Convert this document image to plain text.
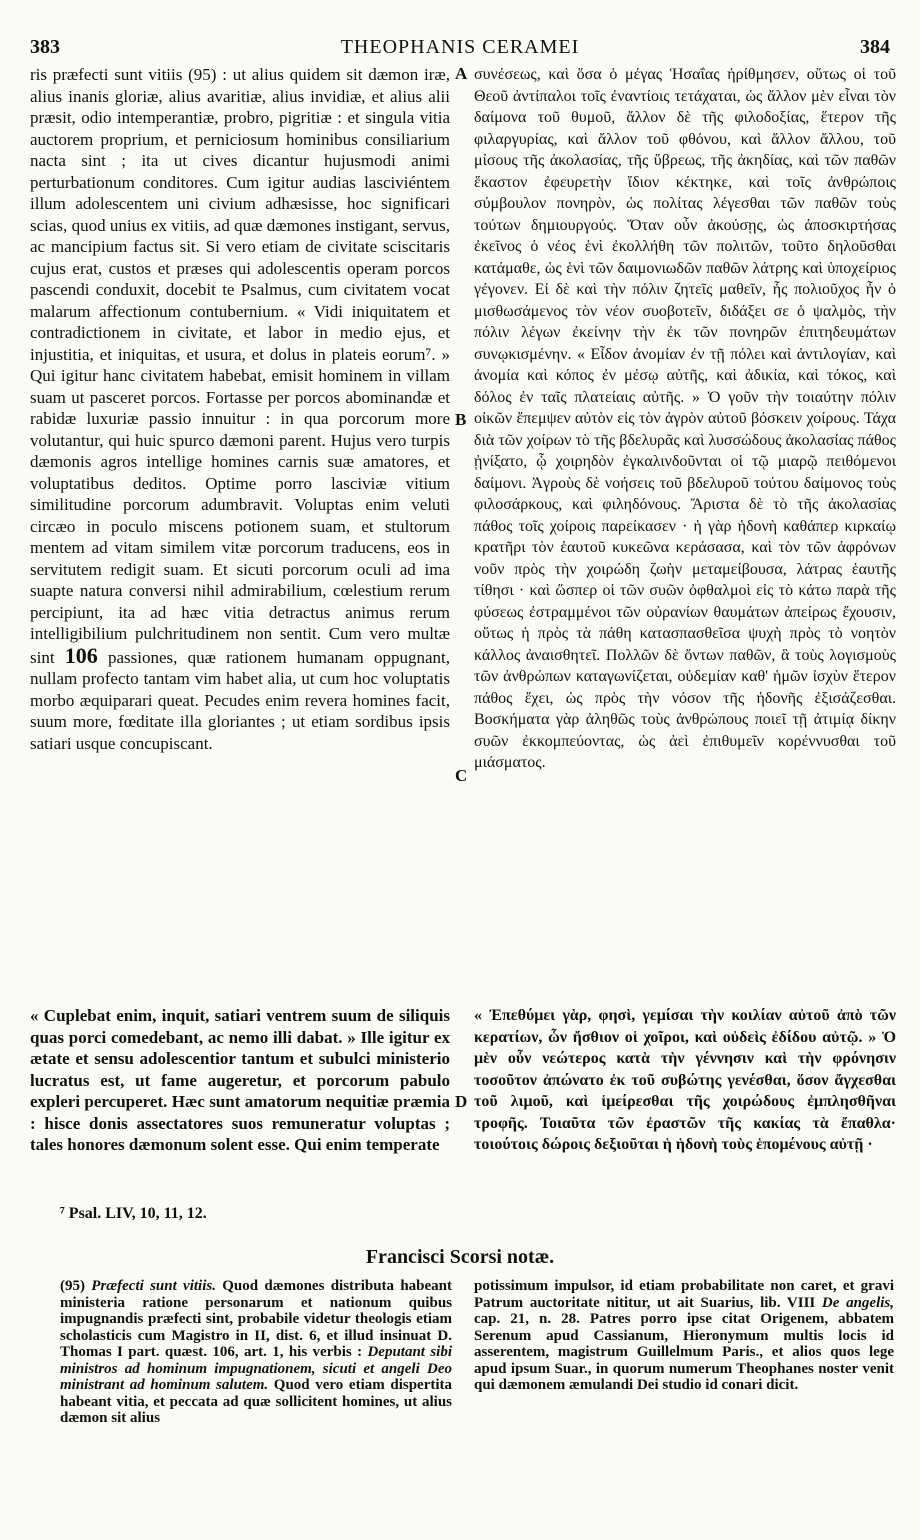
383	THEOPHANIS CERAMEI	384
A
B
C
D

ris præfecti sunt vitiis (95) : ut alius quidem sit dæmon iræ, alius inanis gloriæ, alius avaritiæ, alius invidiæ, et alius alii præsit, odio intemperantiæ, probro, pigritiæ : et singula vitia auctorem proprium, et perniciosum hominibus consiliarium nacta sint ; ita ut cives dicantur hujusmodi animi perturbationum conditores. Cum igitur audias lasciviéntem illum adolescentem uni civium adhæsisse, hoc significari scias, quod unius ex vitiis, ad quæ dæmones instigant, servus, ac mancipium factus sit. Si vero etiam de civitate sciscitaris cujus erat, custos et præses qui adolescentis operam porcos pascendi conduxit, docebit te Psalmus, cum civitatem vocat malarum affectionum contubernium. « Vidi iniquitatem et contradictionem in civitate, et labor in medio ejus, et injustitia, et iniquitas, et usura, et dolus in plateis eorum⁷. » Qui igitur hanc civitatem habebat, emisit hominem in villam suam ut pasceret porcos. Fortasse per porcos abominandæ et rabidæ luxuriæ passio innuitur : in qua porcorum more volutantur, qui huic spurco dæmoni parent. Hujus vero turpis dæmonis agros intellige homines carnis suæ amatores, et voluptatibus deditos. Optime porro lasciviæ vitium similitudine porcorum adumbravit. Voluptas enim veluti circæo in poculo miscens potionem suam, et stultorum mentem ad vitam similem vitæ porcorum traducens, eos in servitutem redigit suam. Et sicuti porcorum oculi ad ima suapte natura conversi nihil admirabilium, cœlestium rerum percipiunt, ita ad hæc vitia detractus animus rerum intelligibilium pulchritudinem non sentit. Cum vero multæ sint 106 passiones, quæ rationem humanam oppugnant, nullam profecto tantam vim habet alia, ut cum hoc voluptatis morbo æquiparari queat. Pecudes enim revera homines facit, suum more, fœditate illa gloriantes ; ut etiam sordibus ipsis satiari usque concupiscant.

συνέσεως, καὶ ὅσα ὁ μέγας Ἡσαΐας ἠρίθμησεν, οὕτως οἱ τοῦ Θεοῦ ἀντίπαλοι τοῖς ἐναντίοις τετάχαται, ὡς ἄλλον μὲν εἶναι τὸν δαίμονα τοῦ θυμοῦ, ἄλλον δὲ τῆς φιλοδοξίας, ἕτερον τῆς φιλαργυρίας, καὶ ἄλλον τοῦ φθόνου, καὶ ἄλλον ἄλλου, τοῦ μίσους τῆς ἀκολασίας, τῆς ὕβρεως, τῆς ἀκηδίας, καὶ τῶν παθῶν ἕκαστον ἐφευρετὴν ἴδιον κέκτηκε, καὶ τοῖς ἀνθρώποις σύμβουλον πονηρὸν, ὡς πολίτας λέγεσθαι τῶν παθῶν τοὺς τούτων δημιουργούς. Ὅταν οὖν ἀκούσῃς, ὡς ἀποσκιρτήσας ἐκεῖνος ὁ νέος ἑνὶ ἐκολλήθη τῶν πολιτῶν, τοῦτο δηλοῦσθαι κατάμαθε, ὡς ἑνὶ τῶν δαιμονιωδῶν παθῶν λάτρης καὶ ὑποχείριος γέγονεν. Εἰ δὲ καὶ τὴν πόλιν ζητεῖς μαθεῖν, ἧς πολιοῦχος ἦν ὁ μισθωσάμενος τὸν νέον συοβοτεῖν, διδάξει σε ὁ ψαλμὸς, τὴν πόλιν λέγων ἐκείνην τὴν ἐκ τῶν πονηρῶν ἐπιτηδευμάτων συνῳκισμένην. « Εἶδον ἀνομίαν ἐν τῇ πόλει καὶ ἀντιλογίαν, καὶ ἀνομία καὶ κόπος ἐν μέσῳ αὐτῆς, καὶ ἀδικία, καὶ τόκος, καὶ δόλος ἐν ταῖς πλατείαις αὐτῆς. » Ὁ γοῦν τὴν τοιαύτην πόλιν οἰκῶν ἔπεμψεν αὐτὸν εἰς τὸν ἀγρὸν αὐτοῦ βόσκειν χοίρους. Τάχα διὰ τῶν χοίρων τὸ τῆς βδελυρᾶς καὶ λυσσώδους ἀκολασίας πάθος ᾐνίξατο, ᾧ χοιρηδὸν ἐγκαλινδοῦνται οἱ τῷ μιαρῷ πειθόμενοι δαίμονι. Ἀγροὺς δὲ νοήσεις τοῦ βδελυροῦ τούτου δαίμονος τοὺς φιλοσάρκους, καὶ φιληδόνους. Ἄριστα δὲ τὸ τῆς ἀκολασίας πάθος τοῖς χοίροις παρείκασεν · ἡ γὰρ ἡδονὴ καθάπερ κιρκαίῳ κρατῆρι τὸν ἑαυτοῦ κυκεῶνα κεράσασα, καὶ τὸν τῶν ἀφρόνων νοῦν πρὸς τὴν χοιρώδη ζωὴν μεταμείβουσα, λάτρας ἑαυτῆς τίθησι · καὶ ὥσπερ οἱ τῶν συῶν ὀφθαλμοὶ εἰς τὸ κάτω παρὰ τῆς φύσεως ἐστραμμένοι τῶν οὐρανίων θαυμάτων ἀπείρως ἔχουσιν, οὕτως ἡ πρὸς τὰ πάθη κατασπασθεῖσα ψυχὴ πρὸς τὸ νοητὸν κάλλος ἀναισθητεῖ. Πολλῶν δὲ ὄντων παθῶν, ἃ τοὺς λογισμοὺς τῶν ἀνθρώπων καταγωνίζεται, οὐδεμίαν καθ' ἡμῶν ἰσχὺν ἕτερον πάθος ἔχει, ὡς πρὸς τὴν νόσον τῆς ἡδονῆς ἐξισάζεσθαι. Βοσκήματα γὰρ ἀληθῶς τοὺς ἀνθρώπους ποιεῖ τῇ ἀτιμίᾳ δίκην συῶν ἐκκομπεύοντας, ὡς ἀεὶ ἐπιθυμεῖν κορέννυσθαι τοῦ μιάσματος.

« Cuplebat enim, inquit, satiari ventrem suum de siliquis quas porci comedebant, ac nemo illi dabat. » Ille igitur ex ætate et sensu adolescentior tantum et subulci ministerio lucratus est, ut fame augeretur, et porcorum pabulo expleri percuperet. Hæc sunt amatorum nequitiæ præmia : hisce donis assectatores suos remuneratur voluptas ; tales honores dæmonum solent esse. Qui enim temperate
« Ἐπεθύμει γὰρ, φησὶ, γεμίσαι τὴν κοιλίαν αὐτοῦ ἀπὸ τῶν κερατίων, ὧν ἤσθιον οἱ χοῖροι, καὶ οὐδεὶς ἐδίδου αὐτῷ. » Ὁ μὲν οὖν νεώτερος κατὰ τὴν γέννησιν καὶ τὴν φρόνησιν τοσοῦτον ἀπώνατο ἐκ τοῦ συβώτης γενέσθαι, ὅσον ἄγχεσθαι τοῦ λιμοῦ, καὶ ἱμείρεσθαι τῆς χοιρώδους ἐμπλησθῆναι τροφῆς. Τοιαῦτα τῶν ἐραστῶν τῆς κακίας τὰ ἔπαθλα· τοιούτοις δώροις δεξιοῦται ἡ ἡδονὴ τοὺς ἑπομένους αὐτῇ ·
⁷ Psal. LIV, 10, 11, 12.
Francisci Scorsi notæ.
(95) Præfecti sunt vitiis. Quod dæmones distributa habeant ministeria ratione personarum et nationum quibus impugnandis præfecti sint, probabile videtur theologis etiam scholasticis cum Magistro in II, dist. 6, et illud insinuat D. Thomas I part. quæst. 106, art. 1, his verbis : Deputant sibi ministros ad hominum impugnationem, sicuti et angeli Deo ministrant ad hominum salutem. Quod vero etiam dispertita habeant vitia, et peccata ad quæ sollicitent homines, ut alius dæmon sit alius
potissimum impulsor, id etiam probabilitate non caret, et gravi Patrum auctoritate nititur, ut ait Suarius, lib. VIII De angelis, cap. 21, n. 28. Patres porro ipse citat Origenem, abbatem Serenum apud Cassianum, Hieronymum multis locis id asserentem, magistrum Guillelmum Paris., et alios quos lege apud ipsum Suar., in quorum numerum Theophanes noster venit qui dæmonem æmulandi Dei studio id conari dicit.
